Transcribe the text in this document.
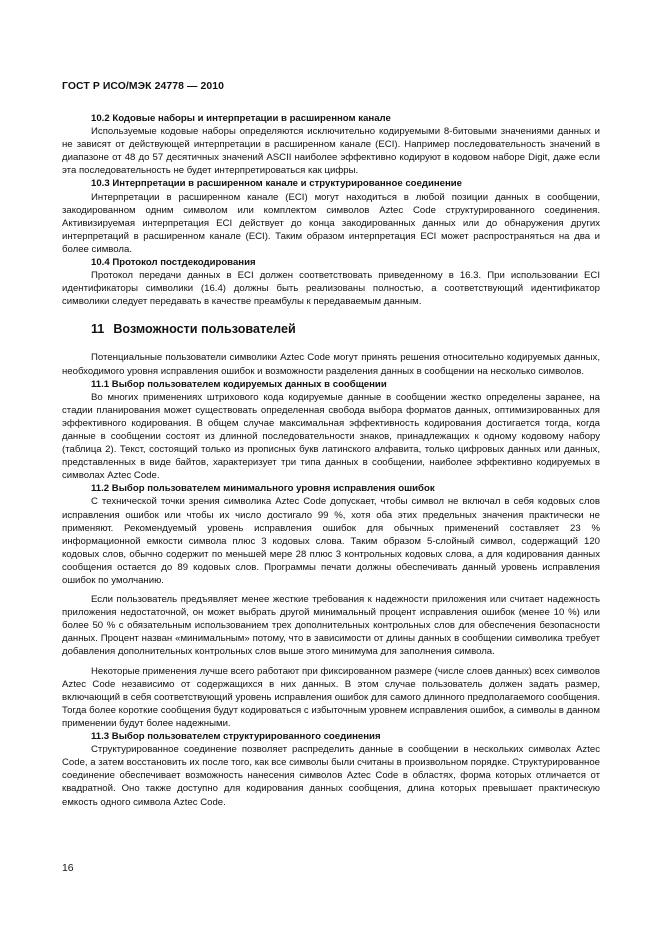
ГОСТ Р ИСО/МЭК 24778 — 2010

10.2 Кодовые наборы и интерпретации в расширенном канале

Используемые кодовые наборы определяются исключительно кодируемыми 8-битовыми значениями данных и не зависят от действующей интерпретации в расширенном канале (ECI). Например последовательность значений в диапазоне от 48 до 57 десятичных значений ASCII наиболее эффективно кодируют в кодовом наборе Digit, даже если эта последовательность не будет интерпретироваться как цифры.

10.3 Интерпретации в расширенном канале и структурированное соединение

Интерпретации в расширенном канале (ECI) могут находиться в любой позиции данных в сообщении, закодированном одним символом или комплектом символов Aztec Code структурированного соединения. Активизируемая интерпретация ECI действует до конца закодированных данных или до обнаружения других интерпретаций в расширенном канале (ECI). Таким образом интерпретация ECI может распространяться на два и более символа.

10.4 Протокол постдекодирования

Протокол передачи данных в ECI должен соответствовать приведенному в 16.3. При использовании ECI идентификаторы символики (16.4) должны быть реализованы полностью, а соответствующий идентификатор символики следует передавать в качестве преамбулы к передаваемым данным.

11 Возможности пользователей

Потенциальные пользователи символики Aztec Code могут принять решения относительно кодируемых данных, необходимого уровня исправления ошибок и возможности разделения данных в сообщении на несколько символов.

11.1 Выбор пользователем кодируемых данных в сообщении

Во многих применениях штрихового кода кодируемые данные в сообщении жестко определены заранее, на стадии планирования может существовать определенная свобода выбора форматов данных, оптимизированных для эффективного кодирования. В общем случае максимальная эффективность кодирования достигается тогда, когда данные в сообщении состоят из длинной последовательности знаков, принадлежащих к одному кодовому набору (таблица 2). Текст, состоящий только из прописных букв латинского алфавита, только цифровых данных или данных, представленных в виде байтов, характеризует три типа данных в сообщении, наиболее эффективно кодируемых в символах Aztec Code.

11.2 Выбор пользователем минимального уровня исправления ошибок

С технической точки зрения символика Aztec Code допускает, чтобы символ не включал в себя кодовых слов исправления ошибок или чтобы их число достигало 99 %, хотя оба этих предельных значения практически не применяют. Рекомендуемый уровень исправления ошибок для обычных применений составляет 23 % информационной емкости символа плюс 3 кодовых слова. Таким образом 5-слойный символ, содержащий 120 кодовых слов, обычно содержит по меньшей мере 28 плюс 3 контрольных кодовых слова, а для кодирования данных сообщения остается до 89 кодовых слов. Программы печати должны обеспечивать данный уровень исправления ошибок по умолчанию.

Если пользователь предъявляет менее жесткие требования к надежности приложения или считает надежность приложения недостаточной, он может выбрать другой минимальный процент исправления ошибок (менее 10 %) или более 50 % с обязательным использованием трех дополнительных контрольных слов для обеспечения безопасности данных. Процент назван «минимальным» потому, что в зависимости от длины данных в сообщении символика требует добавления дополнительных контрольных слов выше этого минимума для заполнения символа.

Некоторые применения лучше всего работают при фиксированном размере (числе слоев данных) всех символов Aztec Code независимо от содержащихся в них данных. В этом случае пользователь должен задать размер, включающий в себя соответствующий уровень исправления ошибок для самого длинного предполагаемого сообщения. Тогда более короткие сообщения будут кодироваться с избыточным уровнем исправления ошибок, а символы в данном применении будут более надежными.

11.3 Выбор пользователем структурированного соединения

Структурированное соединение позволяет распределить данные в сообщении в нескольких символах Aztec Code, а затем восстановить их после того, как все символы были считаны в произвольном порядке. Структурированное соединение обеспечивает возможность нанесения символов Aztec Code в областях, форма которых отличается от квадратной. Оно также доступно для кодирования данных сообщения, длина которых превышает практическую емкость одного символа Aztec Code.

16
